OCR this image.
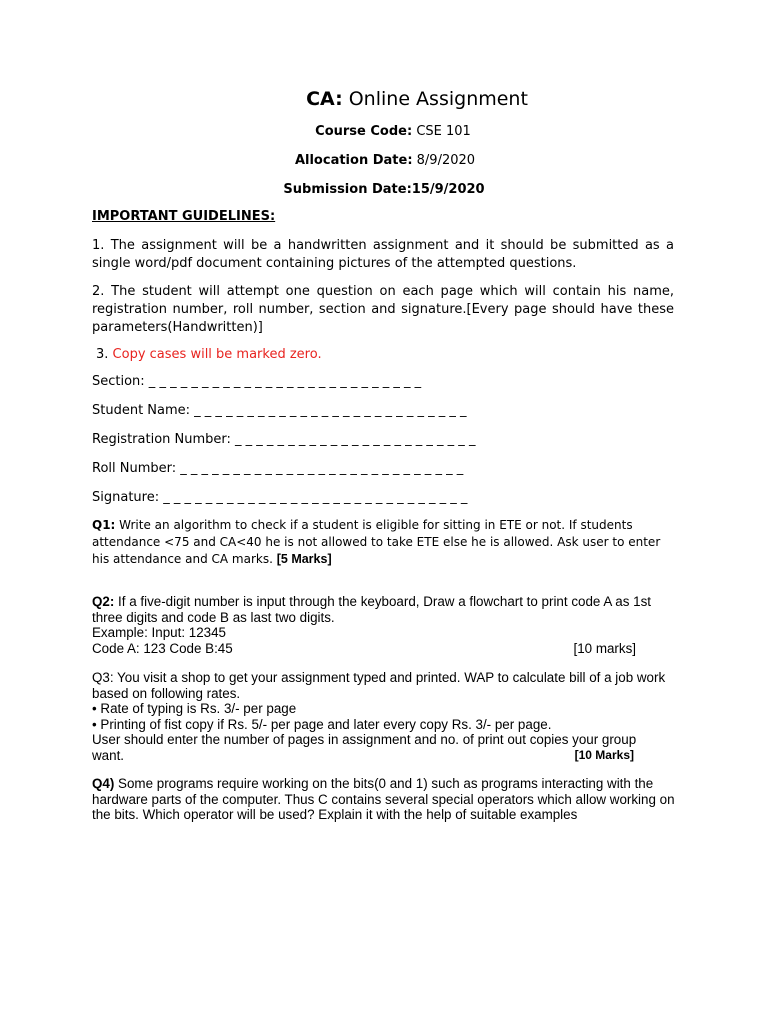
CA: Online Assignment
Course Code: CSE 101
Allocation Date: 8/9/2020
Submission Date:15/9/2020
IMPORTANT GUIDELINES:
1. The assignment will be a handwritten assignment and it should be submitted as a single word/pdf document containing pictures of the attempted questions.
2. The student will attempt one question on each page which will contain his name, registration number, roll number, section and signature.[Every page should have these parameters(Handwritten)]
3. Copy cases will be marked zero.
Section: _ _ _ _ _ _ _ _ _ _ _ _ _ _ _ _ _ _ _ _ _ _ _ _ _ _
Student Name: _ _ _ _ _ _ _ _ _ _ _ _ _ _ _ _ _ _ _ _ _ _ _ _ _ _
Registration Number: _ _ _ _ _ _ _ _ _ _ _ _ _ _ _ _ _ _ _ _ _ _ _
Roll Number: _ _ _ _ _ _ _ _ _ _ _ _ _ _ _ _ _ _ _ _ _ _ _ _ _ _ _
Signature: _ _ _ _ _ _ _ _ _ _ _ _ _ _ _ _ _ _ _ _ _ _ _ _ _ _ _ _ _
Q1: Write an algorithm to check if a student is eligible for sitting in ETE or not. If students attendance <75 and CA<40 he is not allowed to take ETE else he is allowed. Ask user to enter his attendance and CA marks. [5 Marks]
Q2: If a five-digit number is input through the keyboard, Draw a flowchart to print code A as 1st three digits and code B as last two digits.
Example: Input: 12345
Code A: 123 Code B:45	[10 marks]
Q3: You visit a shop to get your assignment typed and printed. WAP to calculate bill of a job work based on following rates.
• Rate of typing is Rs. 3/- per page
• Printing of fist copy if Rs. 5/- per page and later every copy Rs. 3/- per page.
User should enter the number of pages in assignment and no. of print out copies your group
want.	[10 Marks]
Q4) Some programs require working on the bits(0 and 1) such as programs interacting with the hardware parts of the computer. Thus C contains several special operators which allow working on the bits. Which operator will be used? Explain it with the help of suitable examples
